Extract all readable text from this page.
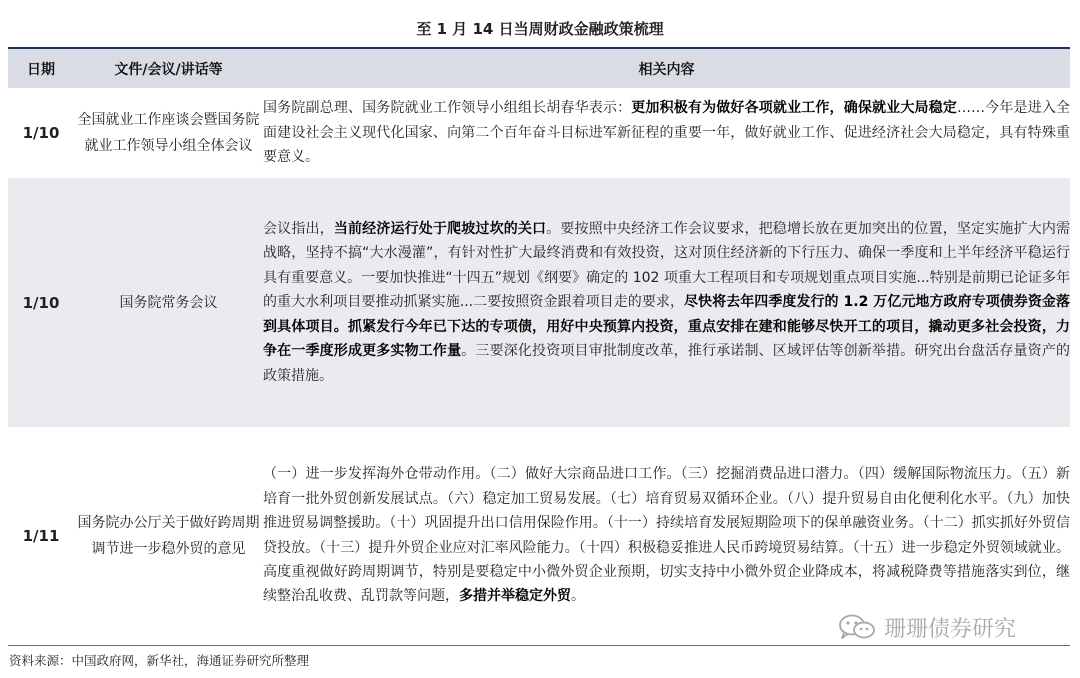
至 1 月 14 日当周财政金融政策梳理
日期	文件/会议/讲话等	相关内容
1/10	全国就业工作座谈会暨国务院就业工作领导小组全体会议	国务院副总理、国务院就业工作领导小组组长胡春华表示：更加积极有为做好各项就业工作，确保就业大局稳定……今年是进入全面建设社会主义现代化国家、向第二个百年奋斗目标进军新征程的重要一年，做好就业工作、促进经济社会大局稳定，具有特殊重要意义。
1/10	国务院常务会议	会议指出，当前经济运行处于爬坡过坎的关口。要按照中央经济工作会议要求，把稳增长放在更加突出的位置，坚定实施扩大内需战略，坚持不搞“大水漫灌”，有针对性扩大最终消费和有效投资，这对顶住经济新的下行压力、确保一季度和上半年经济平稳运行具有重要意义。一要加快推进“十四五”规划《纲要》确定的 102 项重大工程项目和专项规划重点项目实施...特别是前期已论证多年的重大水利项目要推动抓紧实施...二要按照资金跟着项目走的要求，尽快将去年四季度发行的 1.2 万亿元地方政府专项债券资金落到具体项目。抓紧发行今年已下达的专项债，用好中央预算内投资，重点安排在建和能够尽快开工的项目，撬动更多社会投资，力争在一季度形成更多实物工作量。三要深化投资项目审批制度改革，推行承诺制、区域评估等创新举措。研究出台盘活存量资产的政策措施。
1/11	国务院办公厅关于做好跨周期调节进一步稳外贸的意见	（一）进一步发挥海外仓带动作用。（二）做好大宗商品进口工作。（三）挖掘消费品进口潜力。（四）缓解国际物流压力。（五）新培育一批外贸创新发展试点。（六）稳定加工贸易发展。（七）培育贸易双循环企业。（八）提升贸易自由化便利化水平。（九）加快推进贸易调整援助。（十）巩固提升出口信用保险作用。（十一）持续培育发展短期险项下的保单融资业务。（十二）抓实抓好外贸信贷投放。（十三）提升外贸企业应对汇率风险能力。（十四）积极稳妥推进人民币跨境贸易结算。（十五）进一步稳定外贸领域就业。高度重视做好跨周期调节，特别是要稳定中小微外贸企业预期，切实支持中小微外贸企业降成本，将减税降费等措施落实到位，继续整治乱收费、乱罚款等问题，多措并举稳定外贸。
珊珊债券研究
资料来源：中国政府网，新华社，海通证券研究所整理
